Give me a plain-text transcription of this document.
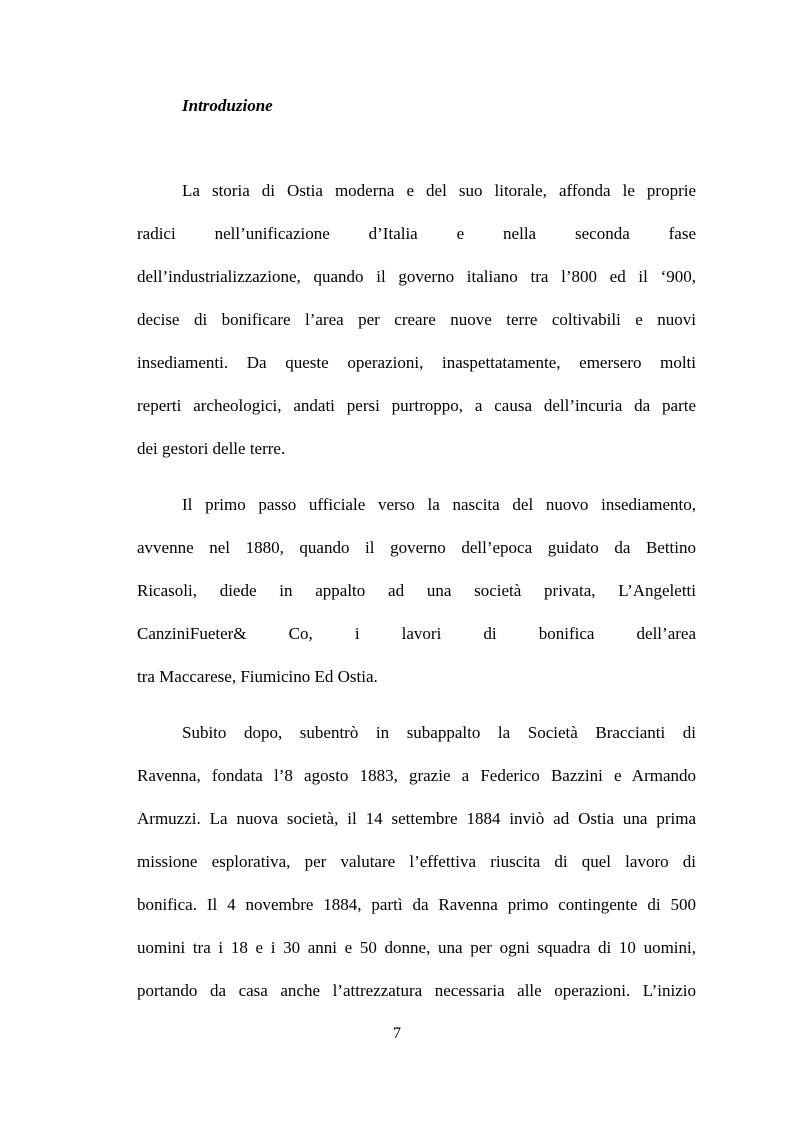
Introduzione

La storia di Ostia moderna e del suo litorale, affonda le proprie

radici nell’unificazione d’Italia e nella seconda fase

dell’industrializzazione, quando il governo italiano tra l’800 ed il ‘900,

decise di bonificare l’area per creare nuove terre coltivabili e nuovi

insediamenti. Da queste operazioni, inaspettatamente, emersero molti

reperti archeologici, andati persi purtroppo, a causa dell’incuria da parte

dei gestori delle terre.

Il primo passo ufficiale verso la nascita del nuovo insediamento,

avvenne nel 1880, quando il governo dell’epoca guidato da Bettino

Ricasoli, diede in appalto ad una società privata, L’Angeletti

CanziniFueter& Co, i lavori di bonifica dell’area

tra Maccarese, Fiumicino Ed Ostia.

Subito dopo, subentrò in subappalto la Società Braccianti di

Ravenna, fondata l’8 agosto 1883, grazie a Federico Bazzini e Armando

Armuzzi. La nuova società, il 14 settembre 1884 inviò ad Ostia una prima

missione esplorativa, per valutare l’effettiva riuscita di quel lavoro di

bonifica. Il 4 novembre 1884, partì da Ravenna primo contingente di 500

uomini tra i 18 e i 30 anni e 50 donne, una per ogni squadra di 10 uomini,

portando da casa anche l’attrezzatura necessaria alle operazioni. L’inizio

7
